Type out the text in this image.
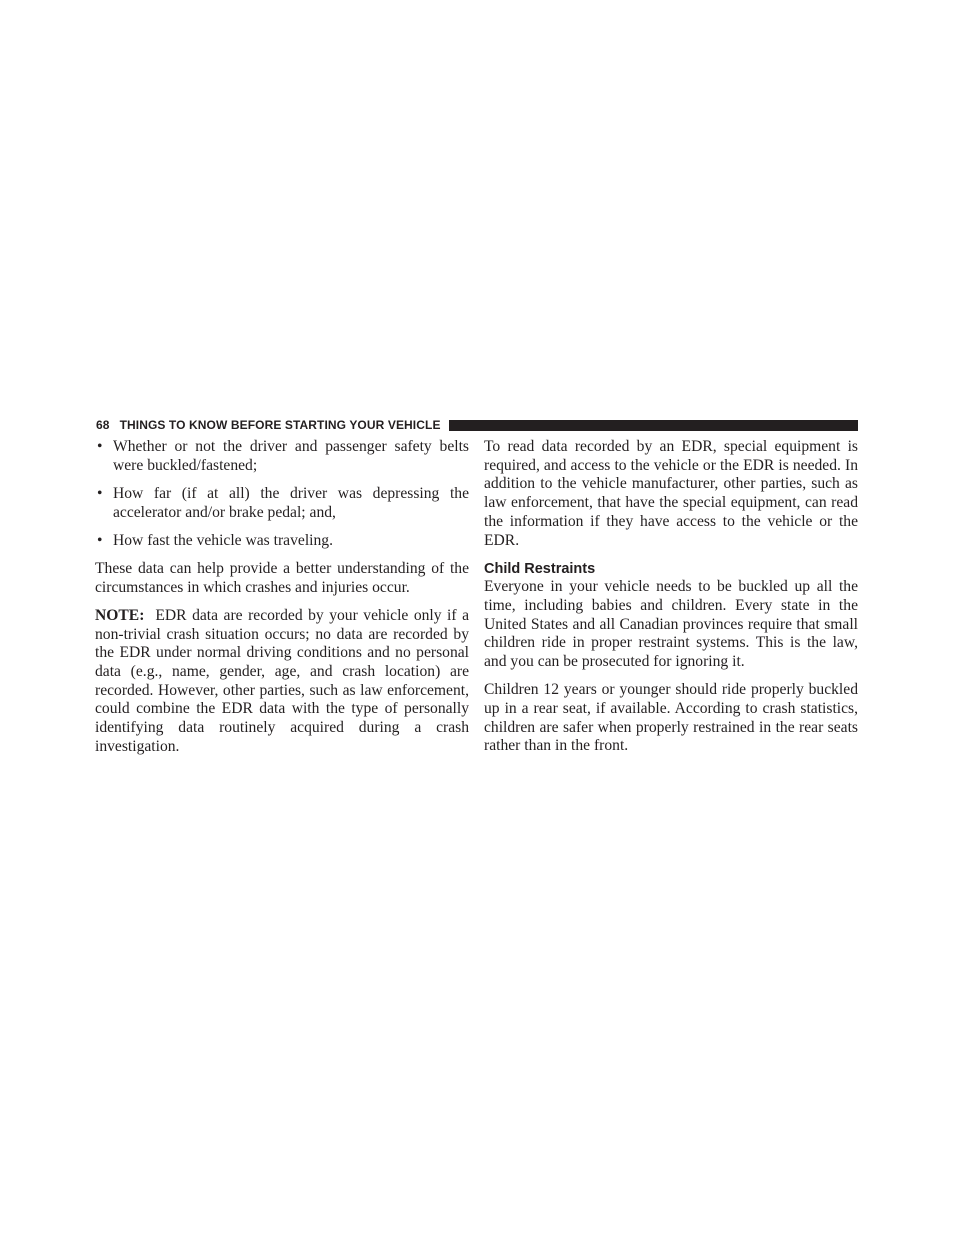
68 THINGS TO KNOW BEFORE STARTING YOUR VEHICLE
• Whether or not the driver and passenger safety belts were buckled/fastened;
• How far (if at all) the driver was depressing the accelerator and/or brake pedal; and,
• How fast the vehicle was traveling.

These data can help provide a better understanding of the circumstances in which crashes and injuries occur.

NOTE: EDR data are recorded by your vehicle only if a non-trivial crash situation occurs; no data are recorded by the EDR under normal driving conditions and no personal data (e.g., name, gender, age, and crash location) are recorded. However, other parties, such as law enforcement, could combine the EDR data with the type of personally identifying data routinely acquired during a crash investigation.

To read data recorded by an EDR, special equipment is required, and access to the vehicle or the EDR is needed. In addition to the vehicle manufacturer, other parties, such as law enforcement, that have the special equipment, can read the information if they have access to the vehicle or the EDR.

Child Restraints

Everyone in your vehicle needs to be buckled up all the time, including babies and children. Every state in the United States and all Canadian provinces require that small children ride in proper restraint systems. This is the law, and you can be prosecuted for ignoring it.

Children 12 years or younger should ride properly buckled up in a rear seat, if available. According to crash statistics, children are safer when properly restrained in the rear seats rather than in the front.
